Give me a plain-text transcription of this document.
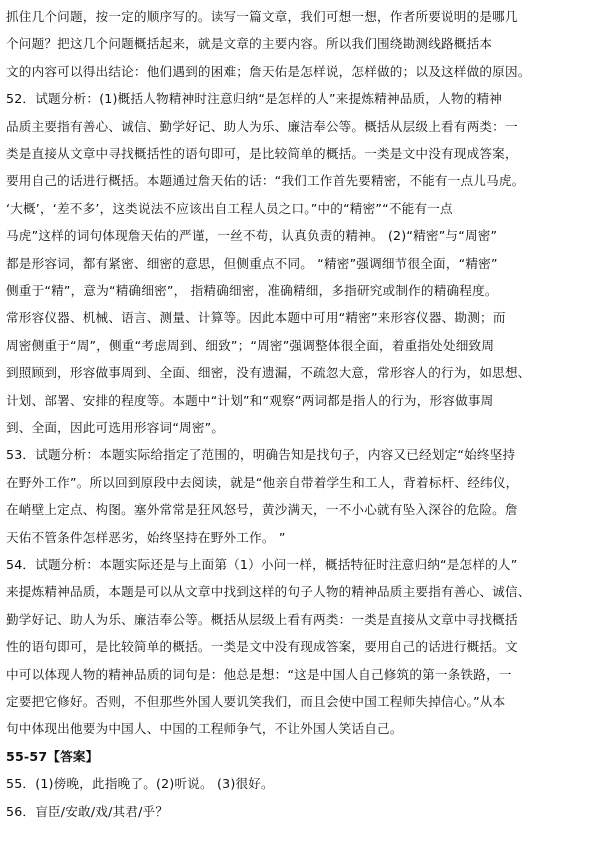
抓住几个问题，按一定的顺序写的。读写一篇文章，我们可想一想，作者所要说明的是哪几
个问题？把这几个问题概括起来，就是文章的主要内容。所以我们围绕勘测线路概括本
文的内容可以得出结论：他们遇到的困难；詹天佑是怎样说，怎样做的；以及这样做的原因。
52．试题分析：(1)概括人物精神时注意归纳“是怎样的人”来提炼精神品质，人物的精神
品质主要指有善心、诚信、勤学好记、助人为乐、廉洁奉公等。概括从层级上看有两类：一
类是直接从文章中寻找概括性的语句即可，是比较简单的概括。一类是文中没有现成答案，
要用自己的话进行概括。本题通过詹天佑的话：“我们工作首先要精密，不能有一点儿马虎。
‘大概’，‘差不多’，这类说法不应该出自工程人员之口。”中的“精密”“不能有一点
马虎”这样的词句体现詹天佑的严谨，一丝不苟，认真负责的精神。 (2)“精密”与“周密”
都是形容词，都有紧密、细密的意思，但侧重点不同。 “精密”强调细节很全面，“精密”
侧重于“精”，意为“精确细密”， 指精确细密，准确精细，多指研究或制作的精确程度。
常形容仪器、机械、语言、测量、计算等。因此本题中可用“精密”来形容仪器、勘测；而
周密侧重于“周”，侧重“考虑周到、细致”；“周密”强调整体很全面，着重指处处细致周
到照顾到，形容做事周到、全面、细密，没有遗漏，不疏忽大意，常形容人的行为，如思想、
计划、部署、安排的程度等。本题中“计划”和“观察”两词都是指人的行为，形容做事周
到、全面，因此可选用形容词“周密”。
53．试题分析：本题实际给指定了范围的，明确告知是找句子，内容又已经划定“始终坚持
在野外工作”。所以回到原段中去阅读，就是“他亲自带着学生和工人，背着标杆、经纬仪，
在峭壁上定点、构图。塞外常常是狂风怒号，黄沙满天，一不小心就有坠入深谷的危险。詹
天佑不管条件怎样恶劣，始终坚持在野外工作。 ”
54．试题分析：本题实际还是与上面第（1）小问一样，概括特征时注意归纳“是怎样的人”
来提炼精神品质，本题是可以从文章中找到这样的句子人物的精神品质主要指有善心、诚信、
勤学好记、助人为乐、廉洁奉公等。概括从层级上看有两类：一类是直接从文章中寻找概括
性的语句即可，是比较简单的概括。一类是文中没有现成答案，要用自己的话进行概括。文
中可以体现人物的精神品质的词句是：他总是想：“这是中国人自己修筑的第一条铁路，一
定要把它修好。否则，不但那些外国人要讥笑我们，而且会使中国工程师失掉信心。”从本
句中体现出他要为中国人、中国的工程师争气，不让外国人笑话自己。
55-57【答案】
55．(1)傍晚，此指晚了。(2)听说。 (3)很好。
56．盲臣/安敢/戏/其君/乎？
